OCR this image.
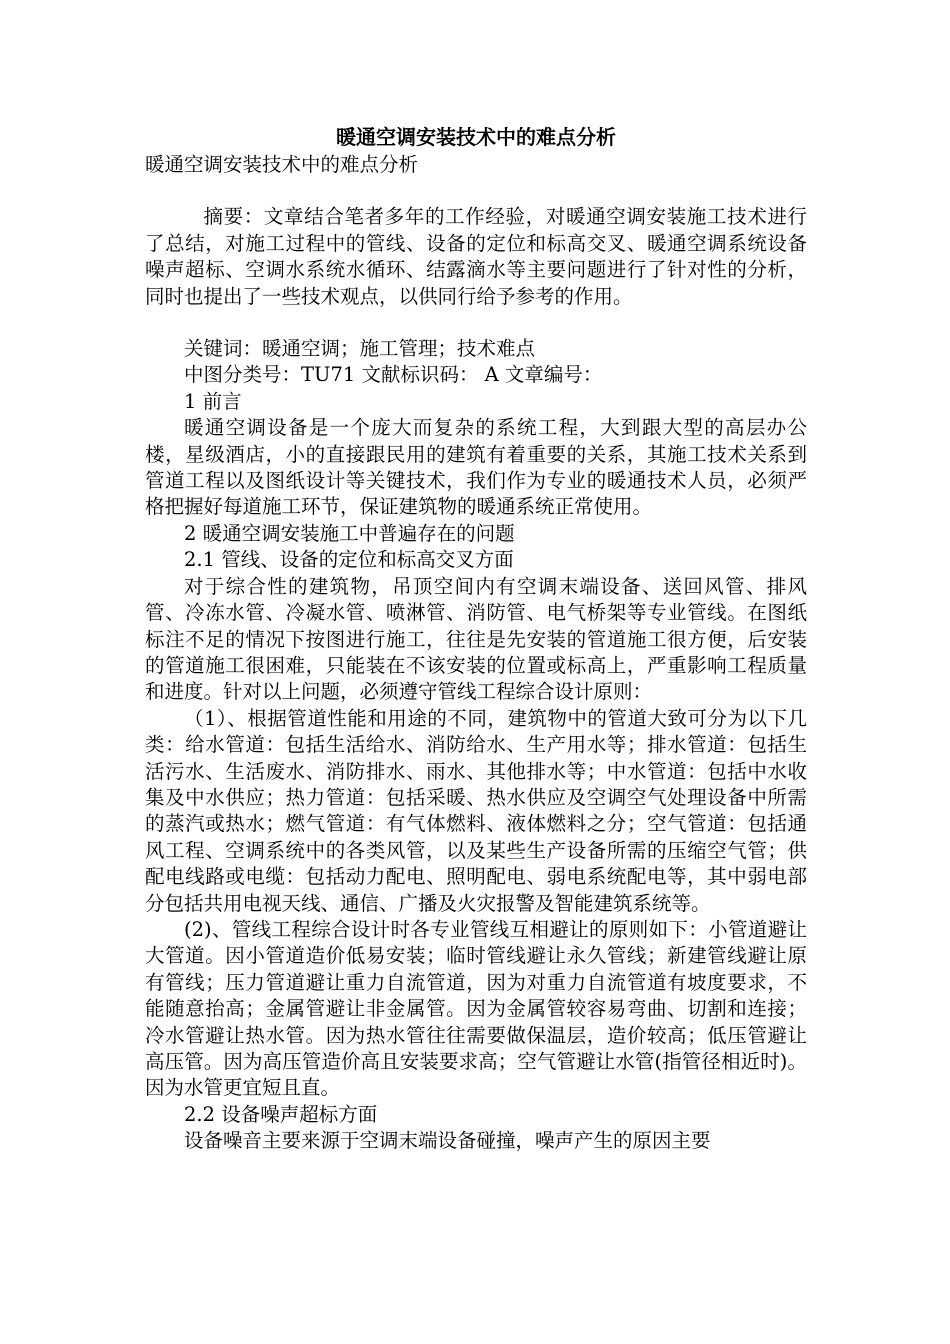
暖通空调安装技术中的难点分析

暖通空调安装技术中的难点分析

摘要：文章结合笔者多年的工作经验，对暖通空调安装施工技术进行了总结，对施工过程中的管线、设备的定位和标高交叉、暖通空调系统设备噪声超标、空调水系统水循环、结露滴水等主要问题进行了针对性的分析，同时也提出了一些技术观点，以供同行给予参考的作用。

关键词：暖通空调；施工管理；技术难点

中图分类号：TU71 文献标识码： A 文章编号：

1 前言

暖通空调设备是一个庞大而复杂的系统工程，大到跟大型的高层办公楼，星级酒店，小的直接跟民用的建筑有着重要的关系，其施工技术关系到管道工程以及图纸设计等关键技术，我们作为专业的暖通技术人员，必须严格把握好每道施工环节，保证建筑物的暖通系统正常使用。

2 暖通空调安装施工中普遍存在的问题

2.1 管线、设备的定位和标高交叉方面

对于综合性的建筑物，吊顶空间内有空调末端设备、送回风管、排风管、冷冻水管、冷凝水管、喷淋管、消防管、电气桥架等专业管线。在图纸标注不足的情况下按图进行施工，往往是先安装的管道施工很方便，后安装的管道施工很困难，只能装在不该安装的位置或标高上，严重影响工程质量和进度。针对以上问题，必须遵守管线工程综合设计原则：

（1）、根据管道性能和用途的不同，建筑物中的管道大致可分为以下几类：给水管道：包括生活给水、消防给水、生产用水等；排水管道：包括生活污水、生活废水、消防排水、雨水、其他排水等；中水管道：包括中水收集及中水供应；热力管道：包括采暖、热水供应及空调空气处理设备中所需的蒸汽或热水；燃气管道：有气体燃料、液体燃料之分；空气管道：包括通风工程、空调系统中的各类风管，以及某些生产设备所需的压缩空气管；供配电线路或电缆：包括动力配电、照明配电、弱电系统配电等，其中弱电部分包括共用电视天线、通信、广播及火灾报警及智能建筑系统等。

(2)、管线工程综合设计时各专业管线互相避让的原则如下：小管道避让大管道。因小管道造价低易安装；临时管线避让永久管线；新建管线避让原有管线；压力管道避让重力自流管道，因为对重力自流管道有坡度要求，不能随意抬高；金属管避让非金属管。因为金属管较容易弯曲、切割和连接；冷水管避让热水管。因为热水管往往需要做保温层，造价较高；低压管避让高压管。因为高压管造价高且安装要求高；空气管避让水管(指管径相近时)。因为水管更宜短且直。

2.2 设备噪声超标方面

设备噪音主要来源于空调末端设备碰撞，噪声产生的原因主要
